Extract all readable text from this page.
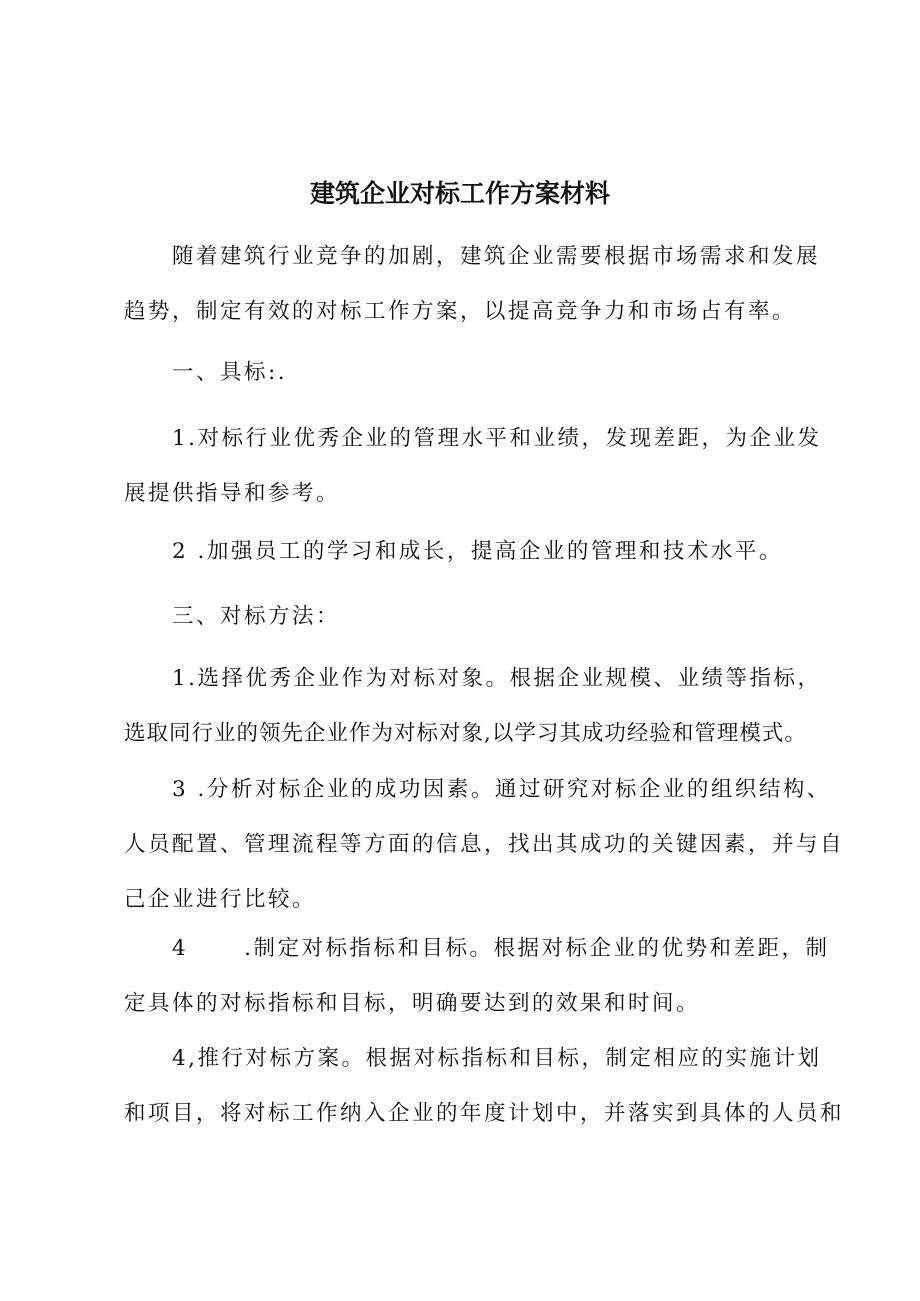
建筑企业对标工作方案材料
随着建筑行业竞争的加剧，建筑企业需要根据市场需求和发展
趋势，制定有效的对标工作方案，以提高竞争力和市场占有率。
一、具标:.
1.对标行业优秀企业的管理水平和业绩，发现差距，为企业发
展提供指导和参考。
2 .加强员工的学习和成长，提高企业的管理和技术水平。
三、对标方法：
1.选择优秀企业作为对标对象。根据企业规模、业绩等指标，
选取同行业的领先企业作为对标对象,以学习其成功经验和管理模式。
3 .分析对标企业的成功因素。通过研究对标企业的组织结构、
人员配置、管理流程等方面的信息，找出其成功的关键因素，并与自
己企业进行比较。
4      .制定对标指标和目标。根据对标企业的优势和差距，制
定具体的对标指标和目标，明确要达到的效果和时间。
4,推行对标方案。根据对标指标和目标，制定相应的实施计划
和项目，将对标工作纳入企业的年度计划中，并落实到具体的人员和
